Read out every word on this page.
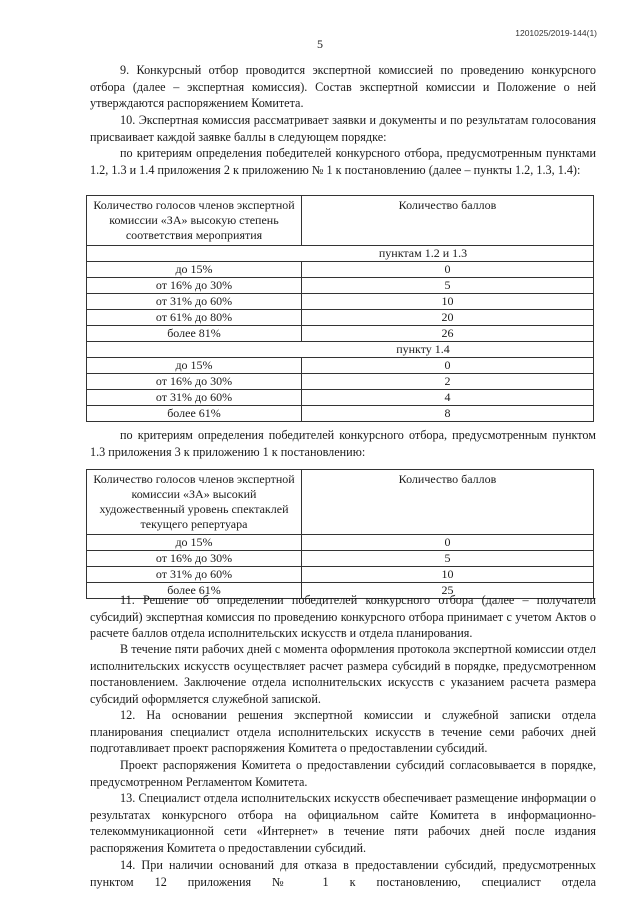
1201025/2019-144(1)
5

9. Конкурсный отбор проводится экспертной комиссией по проведению конкурсного отбора (далее – экспертная комиссия). Состав экспертной комиссии и Положение о ней утверждаются распоряжением Комитета.

10. Экспертная комиссия рассматривает заявки и документы и по результатам голосования присваивает каждой заявке баллы в следующем порядке:

по критериям определения победителей конкурсного отбора, предусмотренным пунктами 1.2, 1.3 и 1.4 приложения 2 к приложению № 1 к постановлению (далее – пункты 1.2, 1.3, 1.4):

Количество голосов членов экспертной комиссии «ЗА» высокую степень соответствия мероприятия	Количество баллов
пунктам 1.2 и 1.3	
до 15%	0
от 16% до 30%	5
от 31% до 60%	10
от 61% до 80%	20
более 81%	26
пункту 1.4	
до 15%	0
от 16% до 30%	2
от 31% до 60%	4
более 61%	8

по критериям определения победителей конкурсного отбора, предусмотренным пунктом 1.3 приложения 3 к приложению 1 к постановлению:

Количество голосов членов экспертной комиссии «ЗА» высокий художественный уровень спектаклей текущего репертуара	Количество баллов
до 15%	0
от 16% до 30%	5
от 31% до 60%	10
более 61%	25

11. Решение об определении победителей конкурсного отбора (далее – получатели субсидий) экспертная комиссия по проведению конкурсного отбора принимает с учетом Актов о расчете баллов отдела исполнительских искусств и отдела планирования.

В течение пяти рабочих дней с момента оформления протокола экспертной комиссии отдел исполнительских искусств осуществляет расчет размера субсидий в порядке, предусмотренном постановлением. Заключение отдела исполнительских искусств с указанием расчета размера субсидий оформляется служебной запиской.

12. На основании решения экспертной комиссии и служебной записки отдела планирования специалист отдела исполнительских искусств в течение семи рабочих дней подготавливает проект распоряжения Комитета о предоставлении субсидий.

Проект распоряжения Комитета о предоставлении субсидий согласовывается в порядке, предусмотренном Регламентом Комитета.

13. Специалист отдела исполнительских искусств обеспечивает размещение информации о результатах конкурсного отбора на официальном сайте Комитета в информационно-телекоммуникационной сети «Интернет» в течение пяти рабочих дней после издания распоряжения Комитета о предоставлении субсидий.

14. При наличии оснований для отказа в предоставлении субсидий, предусмотренных пунктом 12 приложения № 1 к постановлению, специалист отдела
